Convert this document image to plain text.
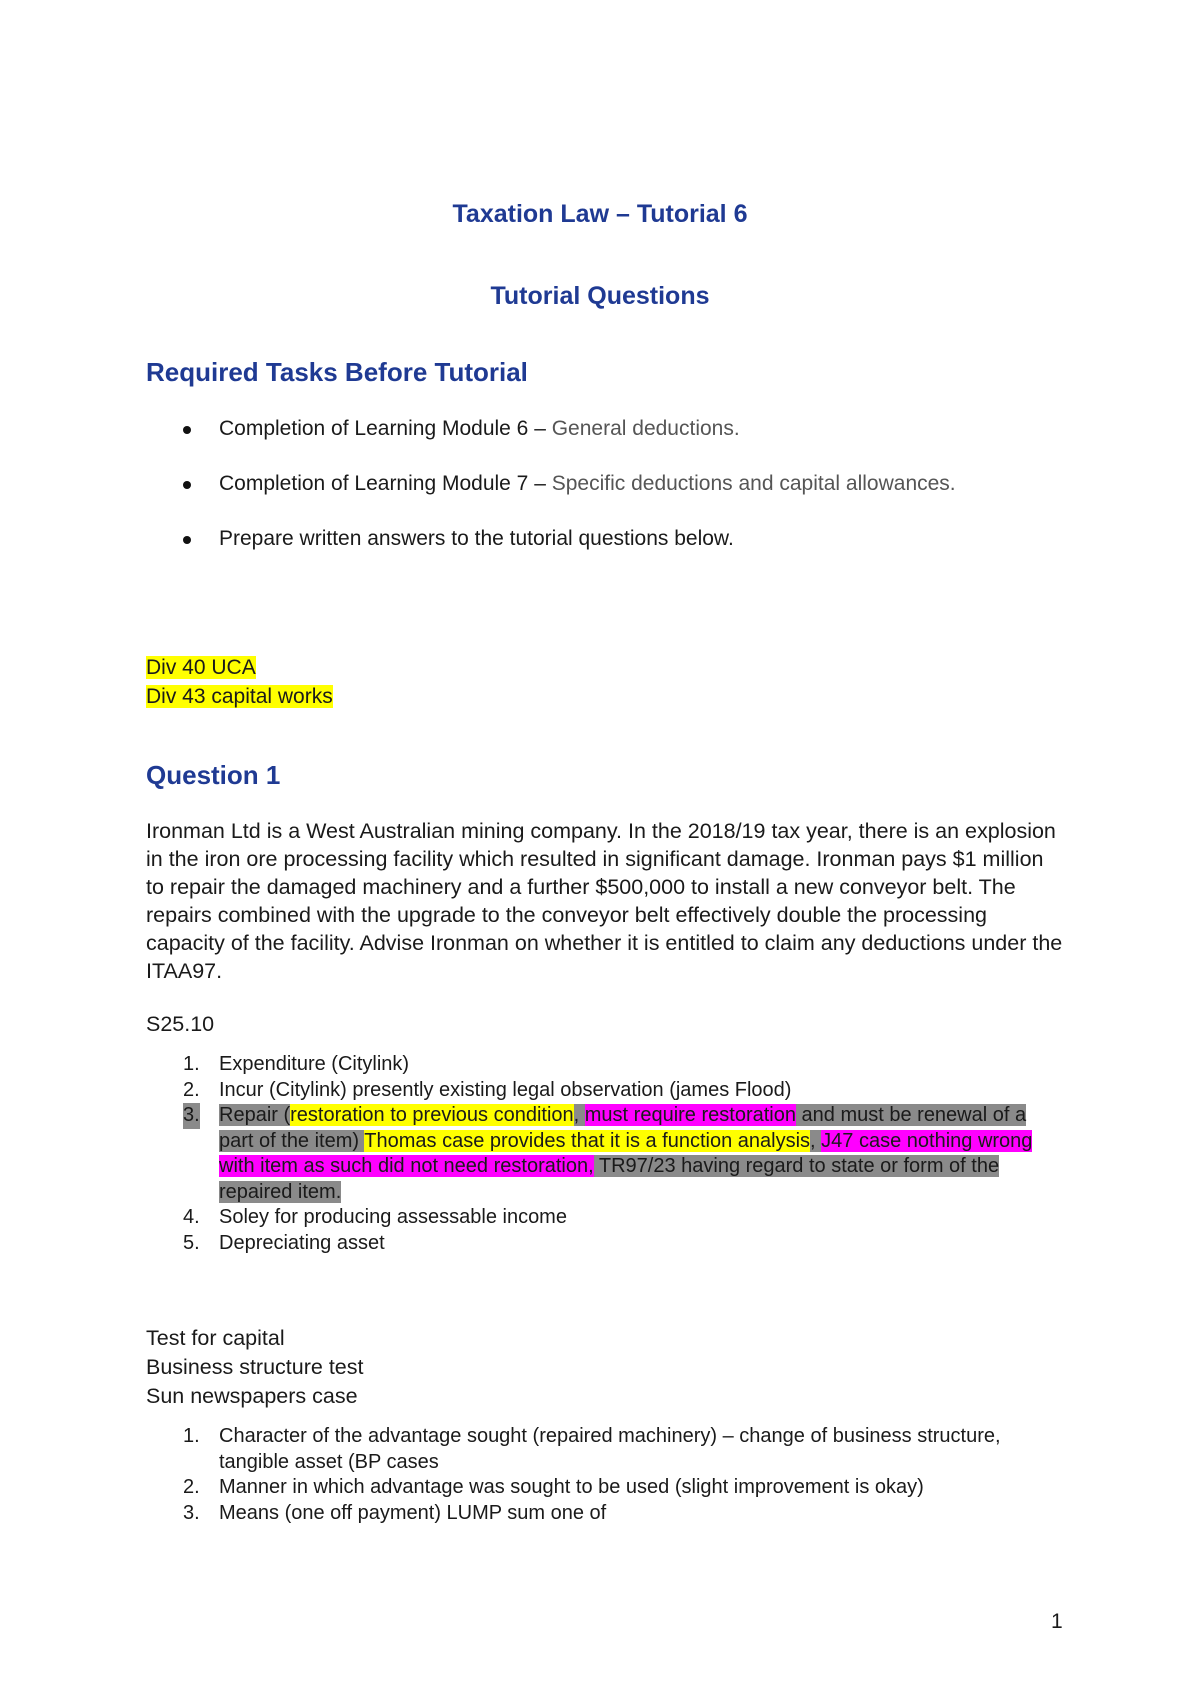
Taxation Law – Tutorial 6
Tutorial Questions
Required Tasks Before Tutorial
Completion of Learning Module 6 – General deductions.
Completion of Learning Module 7 – Specific deductions and capital allowances.
Prepare written answers to the tutorial questions below.
Div 40 UCA
Div 43 capital works
Question 1
Ironman Ltd is a West Australian mining company. In the 2018/19 tax year, there is an explosion in the iron ore processing facility which resulted in significant damage. Ironman pays $1 million to repair the damaged machinery and a further $500,000 to install a new conveyor belt. The repairs combined with the upgrade to the conveyor belt effectively double the processing capacity of the facility. Advise Ironman on whether it is entitled to claim any deductions under the ITAA97.
S25.10
1. Expenditure (Citylink)
2. Incur (Citylink) presently existing legal observation (james Flood)
3. Repair (restoration to previous condition, must require restoration and must be renewal of a part of the item) Thomas case provides that it is a function analysis, J47 case nothing wrong with item as such did not need restoration, TR97/23 having regard to state or form of the repaired item.
4. Soley for producing assessable income
5. Depreciating asset
Test for capital
Business structure test
Sun newspapers case
1. Character of the advantage sought (repaired machinery) – change of business structure, tangible asset (BP cases
2. Manner in which advantage was sought to be used (slight improvement is okay)
3. Means (one off payment) LUMP sum one of
1
